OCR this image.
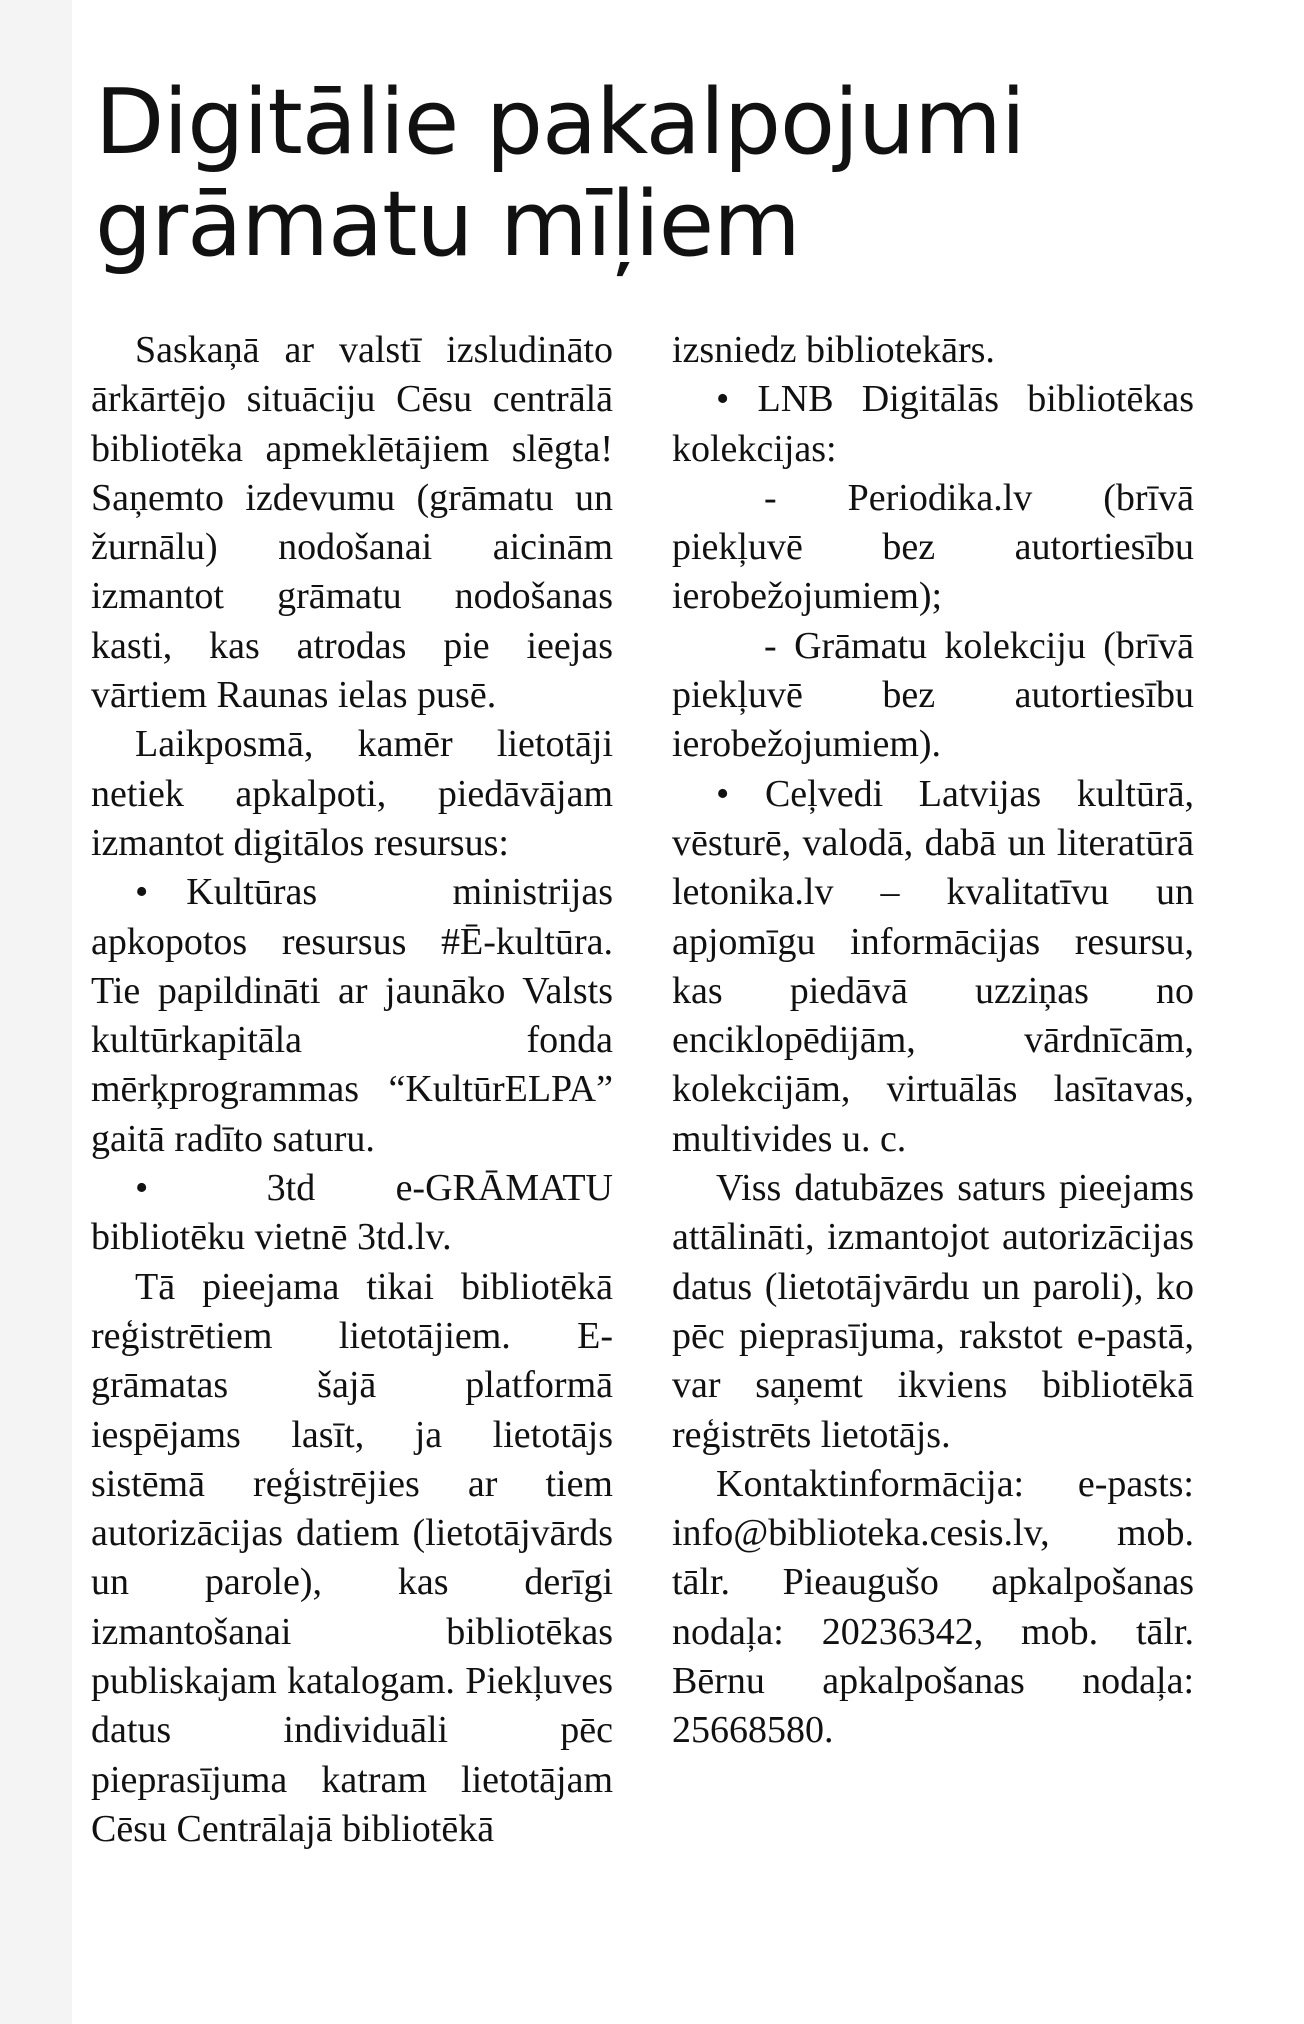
Digitālie pakalpojumi
grāmatu mīļiem

Saskaņā ar valstī izsludināto ārkārtējo situāciju Cēsu centrālā bibliotēka apmeklētājiem slēgta! Saņemto izdevumu (grāmatu un žurnālu) nodošanai aicinām izmantot grāmatu nodošanas kasti, kas atrodas pie ieejas vārtiem Raunas ielas pusē.

Laikposmā, kamēr lietotāji netiek apkalpoti, piedāvājam izmantot digitālos resursus:

• Kultūras ministrijas apkopotos resursus #Ē-kultūra. Tie papildināti ar jaunāko Valsts kultūrkapitāla fonda mērķprogrammas “KultūrELPA” gaitā radīto saturu.

•  3td e-GRĀMATU bibliotēku vietnē 3td.lv.

Tā pieejama tikai bibliotēkā reģistrētiem lietotājiem. E-grāmatas šajā platformā iespējams lasīt, ja lietotājs sistēmā reģistrējies ar tiem autorizācijas datiem (lietotājvārds un parole), kas derīgi izmantošanai bibliotēkas publiskajam katalogam. Piekļuves datus individuāli pēc pieprasījuma katram lietotājam Cēsu Centrālajā bibliotēkā

izsniedz bibliotekārs.

• LNB Digitālās bibliotēkas kolekcijas:

- Periodika.lv (brīvā piekļuvē bez autortiesību ierobežojumiem);

- Grāmatu kolekciju (brīvā piekļuvē bez autortiesību ierobežojumiem).

• Ceļvedi Latvijas kultūrā, vēsturē, valodā, dabā un literatūrā letonika.lv – kvalitatīvu un apjomīgu informācijas resursu, kas piedāvā uzziņas no enciklopēdijām, vārdnīcām, kolekcijām, virtuālās lasītavas, multivides u. c.

Viss datubāzes saturs pieejams attālināti, izmantojot autorizācijas datus (lietotājvārdu un paroli), ko pēc pieprasījuma, rakstot e-pastā, var saņemt ikviens bibliotēkā reģistrēts lietotājs.

Kontaktinformācija: e-pasts: info@biblioteka.cesis.lv, mob. tālr. Pieaugušo apkalpošanas nodaļa: 20236342, mob. tālr. Bērnu apkalpošanas nodaļa: 25668580.
